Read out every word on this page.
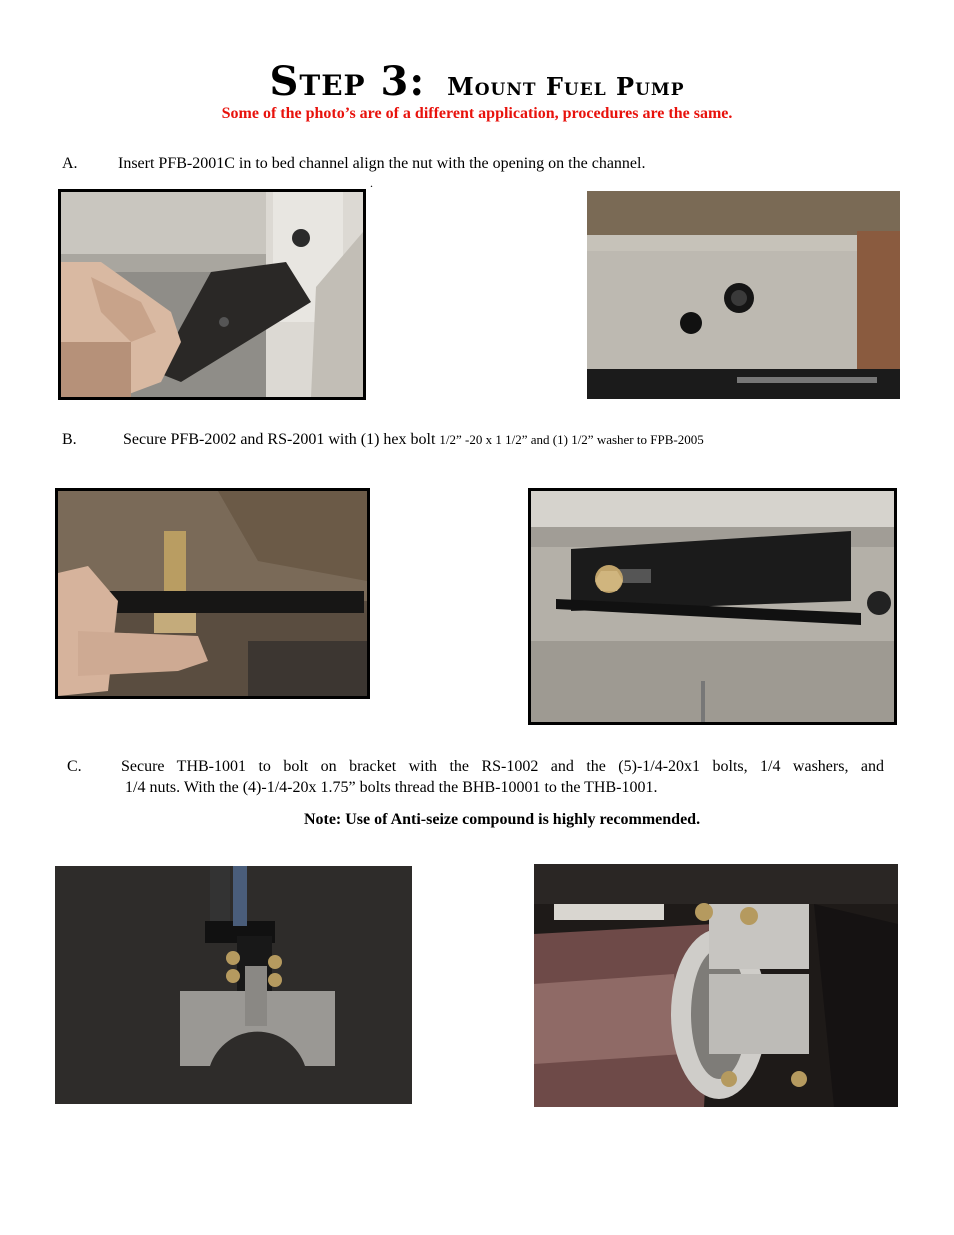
Step 3: Mount Fuel Pump
Some of the photo’s are of a different application, procedures are the same.
A.	Insert PFB-2001C in to bed channel align the nut with the opening on the channel.
.
B.	Secure PFB-2002 and RS-2001 with (1) hex bolt 1/2” -20 x 1 1/2” and (1) 1/2” washer to FPB-2005
C. Secure THB-1001 to bolt on bracket with the RS-1002 and the (5)-1/4-20x1 bolts, 1/4 washers, and
1/4 nuts. With the (4)-1/4-20x 1.75” bolts thread the BHB-10001 to the THB-1001.
Note: Use of Anti-seize compound is highly recommended.
